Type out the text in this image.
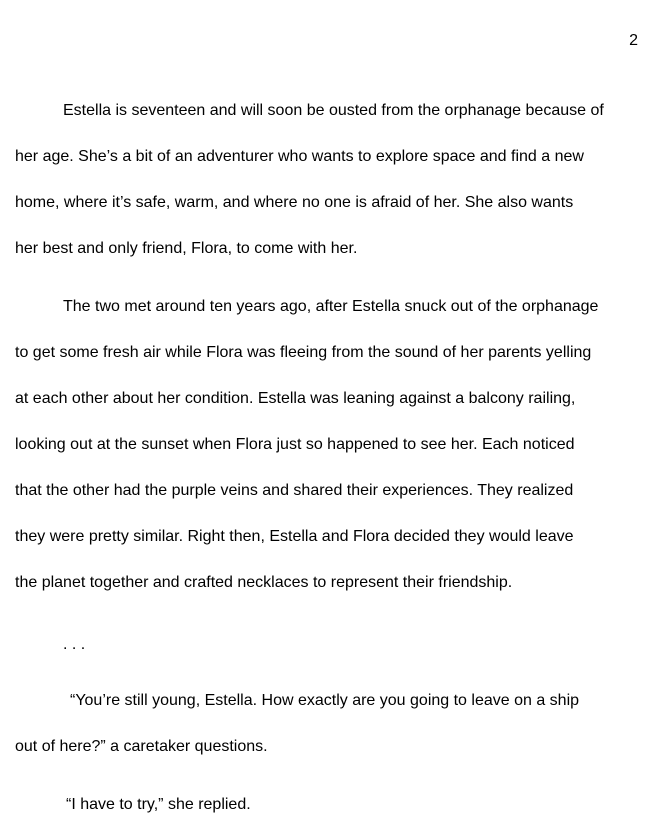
2
Estella is seventeen and will soon be ousted from the orphanage because of
her age. She’s a bit of an adventurer who wants to explore space and find a new
home, where it’s safe, warm, and where no one is afraid of her. She also wants
her best and only friend, Flora, to come with her.
The two met around ten years ago, after Estella snuck out of the orphanage
to get some fresh air while Flora was fleeing from the sound of her parents yelling
at each other about her condition. Estella was leaning against a balcony railing,
looking out at the sunset when Flora just so happened to see her. Each noticed
that the other had the purple veins and shared their experiences. They realized
they were pretty similar. Right then, Estella and Flora decided they would leave
the planet together and crafted necklaces to represent their friendship.
. . .
“You’re still young, Estella. How exactly are you going to leave on a ship
out of here?” a caretaker questions.
“I have to try,” she replied.
